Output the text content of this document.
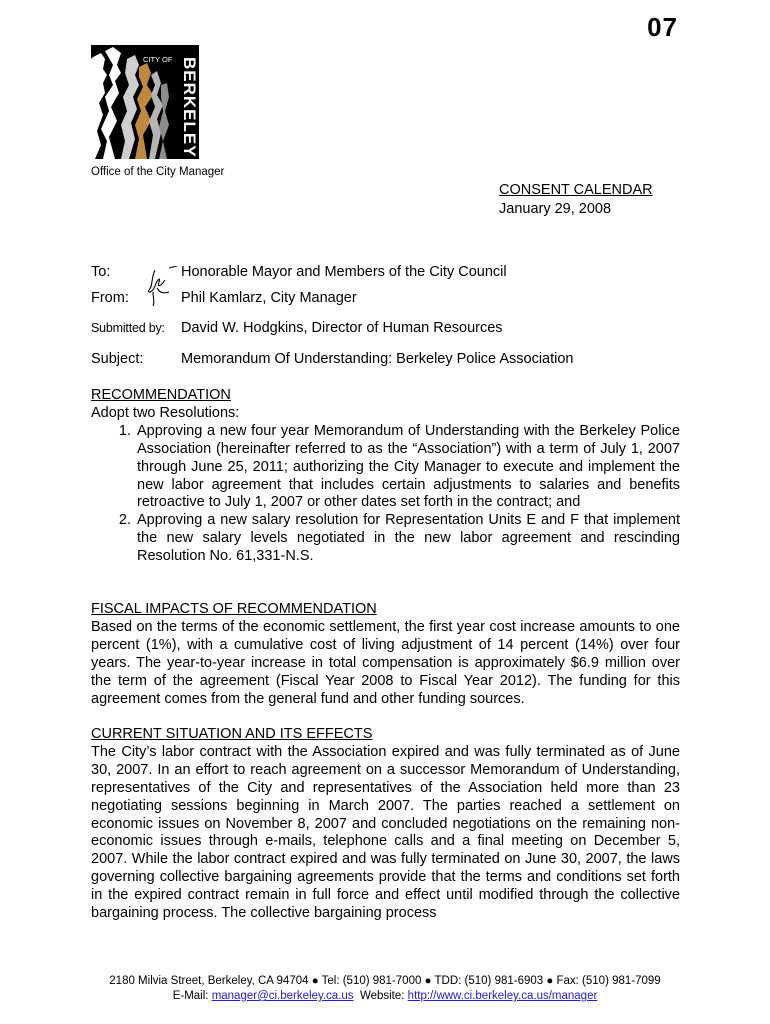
07
CITY OF BERKELEY
Office of the City Manager
CONSENT CALENDAR
January 29, 2008
To:	Honorable Mayor and Members of the City Council
From:	Phil Kamlarz, City Manager
Submitted by: David W. Hodgkins, Director of Human Resources
Subject:	Memorandum Of Understanding: Berkeley Police Association
RECOMMENDATION
Adopt two Resolutions:
1. Approving a new four year Memorandum of Understanding with the Berkeley Police Association (hereinafter referred to as the “Association”) with a term of July 1, 2007 through June 25, 2011; authorizing the City Manager to execute and implement the new labor agreement that includes certain adjustments to salaries and benefits retroactive to July 1, 2007 or other dates set forth in the contract; and
2. Approving a new salary resolution for Representation Units E and F that implement the new salary levels negotiated in the new labor agreement and rescinding Resolution No. 61,331-N.S.
FISCAL IMPACTS OF RECOMMENDATION
Based on the terms of the economic settlement, the first year cost increase amounts to one percent (1%), with a cumulative cost of living adjustment of 14 percent (14%) over four years. The year-to-year increase in total compensation is approximately $6.9 million over the term of the agreement (Fiscal Year 2008 to Fiscal Year 2012). The funding for this agreement comes from the general fund and other funding sources.
CURRENT SITUATION AND ITS EFFECTS
The City’s labor contract with the Association expired and was fully terminated as of June 30, 2007. In an effort to reach agreement on a successor Memorandum of Understanding, representatives of the City and representatives of the Association held more than 23 negotiating sessions beginning in March 2007. The parties reached a settlement on economic issues on November 8, 2007 and concluded negotiations on the remaining non-economic issues through e-mails, telephone calls and a final meeting on December 5, 2007. While the labor contract expired and was fully terminated on June 30, 2007, the laws governing collective bargaining agreements provide that the terms and conditions set forth in the expired contract remain in full force and effect until modified through the collective bargaining process. The collective bargaining process
2180 Milvia Street, Berkeley, CA 94704 ● Tel: (510) 981-7000 ● TDD: (510) 981-6903 ● Fax: (510) 981-7099
E-Mail: manager@ci.berkeley.ca.us Website: http://www.ci.berkeley.ca.us/manager
